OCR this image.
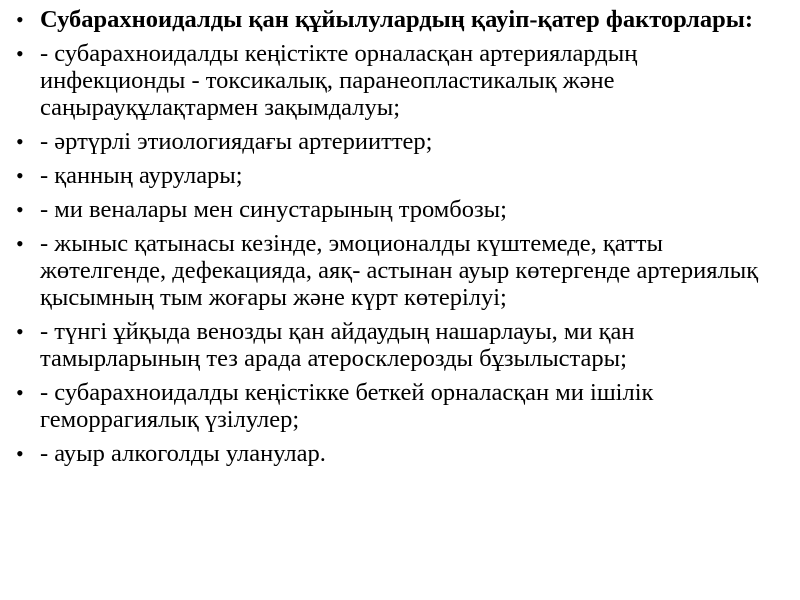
• Субарахноидалды қан құйылулардың қауіп-қатер факторлары:
• - субарахноидалды кеңістікте орналасқан артериялардың инфекционды - токсикалық, паранеопластикалық және саңырауқұлақтармен зақымдалуы;
• - әртүрлі этиологиядағы артерииттер;
• - қанның аурулары;
• - ми веналары мен синустарының тромбозы;
• - жыныс қатынасы кезінде, эмоционалды күштемеде, қатты жөтелгенде, дефекацияда, аяқ- астынан ауыр көтергенде артериялық қысымның тым жоғары және күрт көтерілуі;
• - түнгі ұйқыда венозды қан айдаудың нашарлауы, ми қан тамырларының тез арада атеросклерозды бұзылыстары;
• - субарахноидалды кеңістікке беткей орналасқан ми ішілік геморрагиялық үзілулер;
• - ауыр алкоголды уланулар.
